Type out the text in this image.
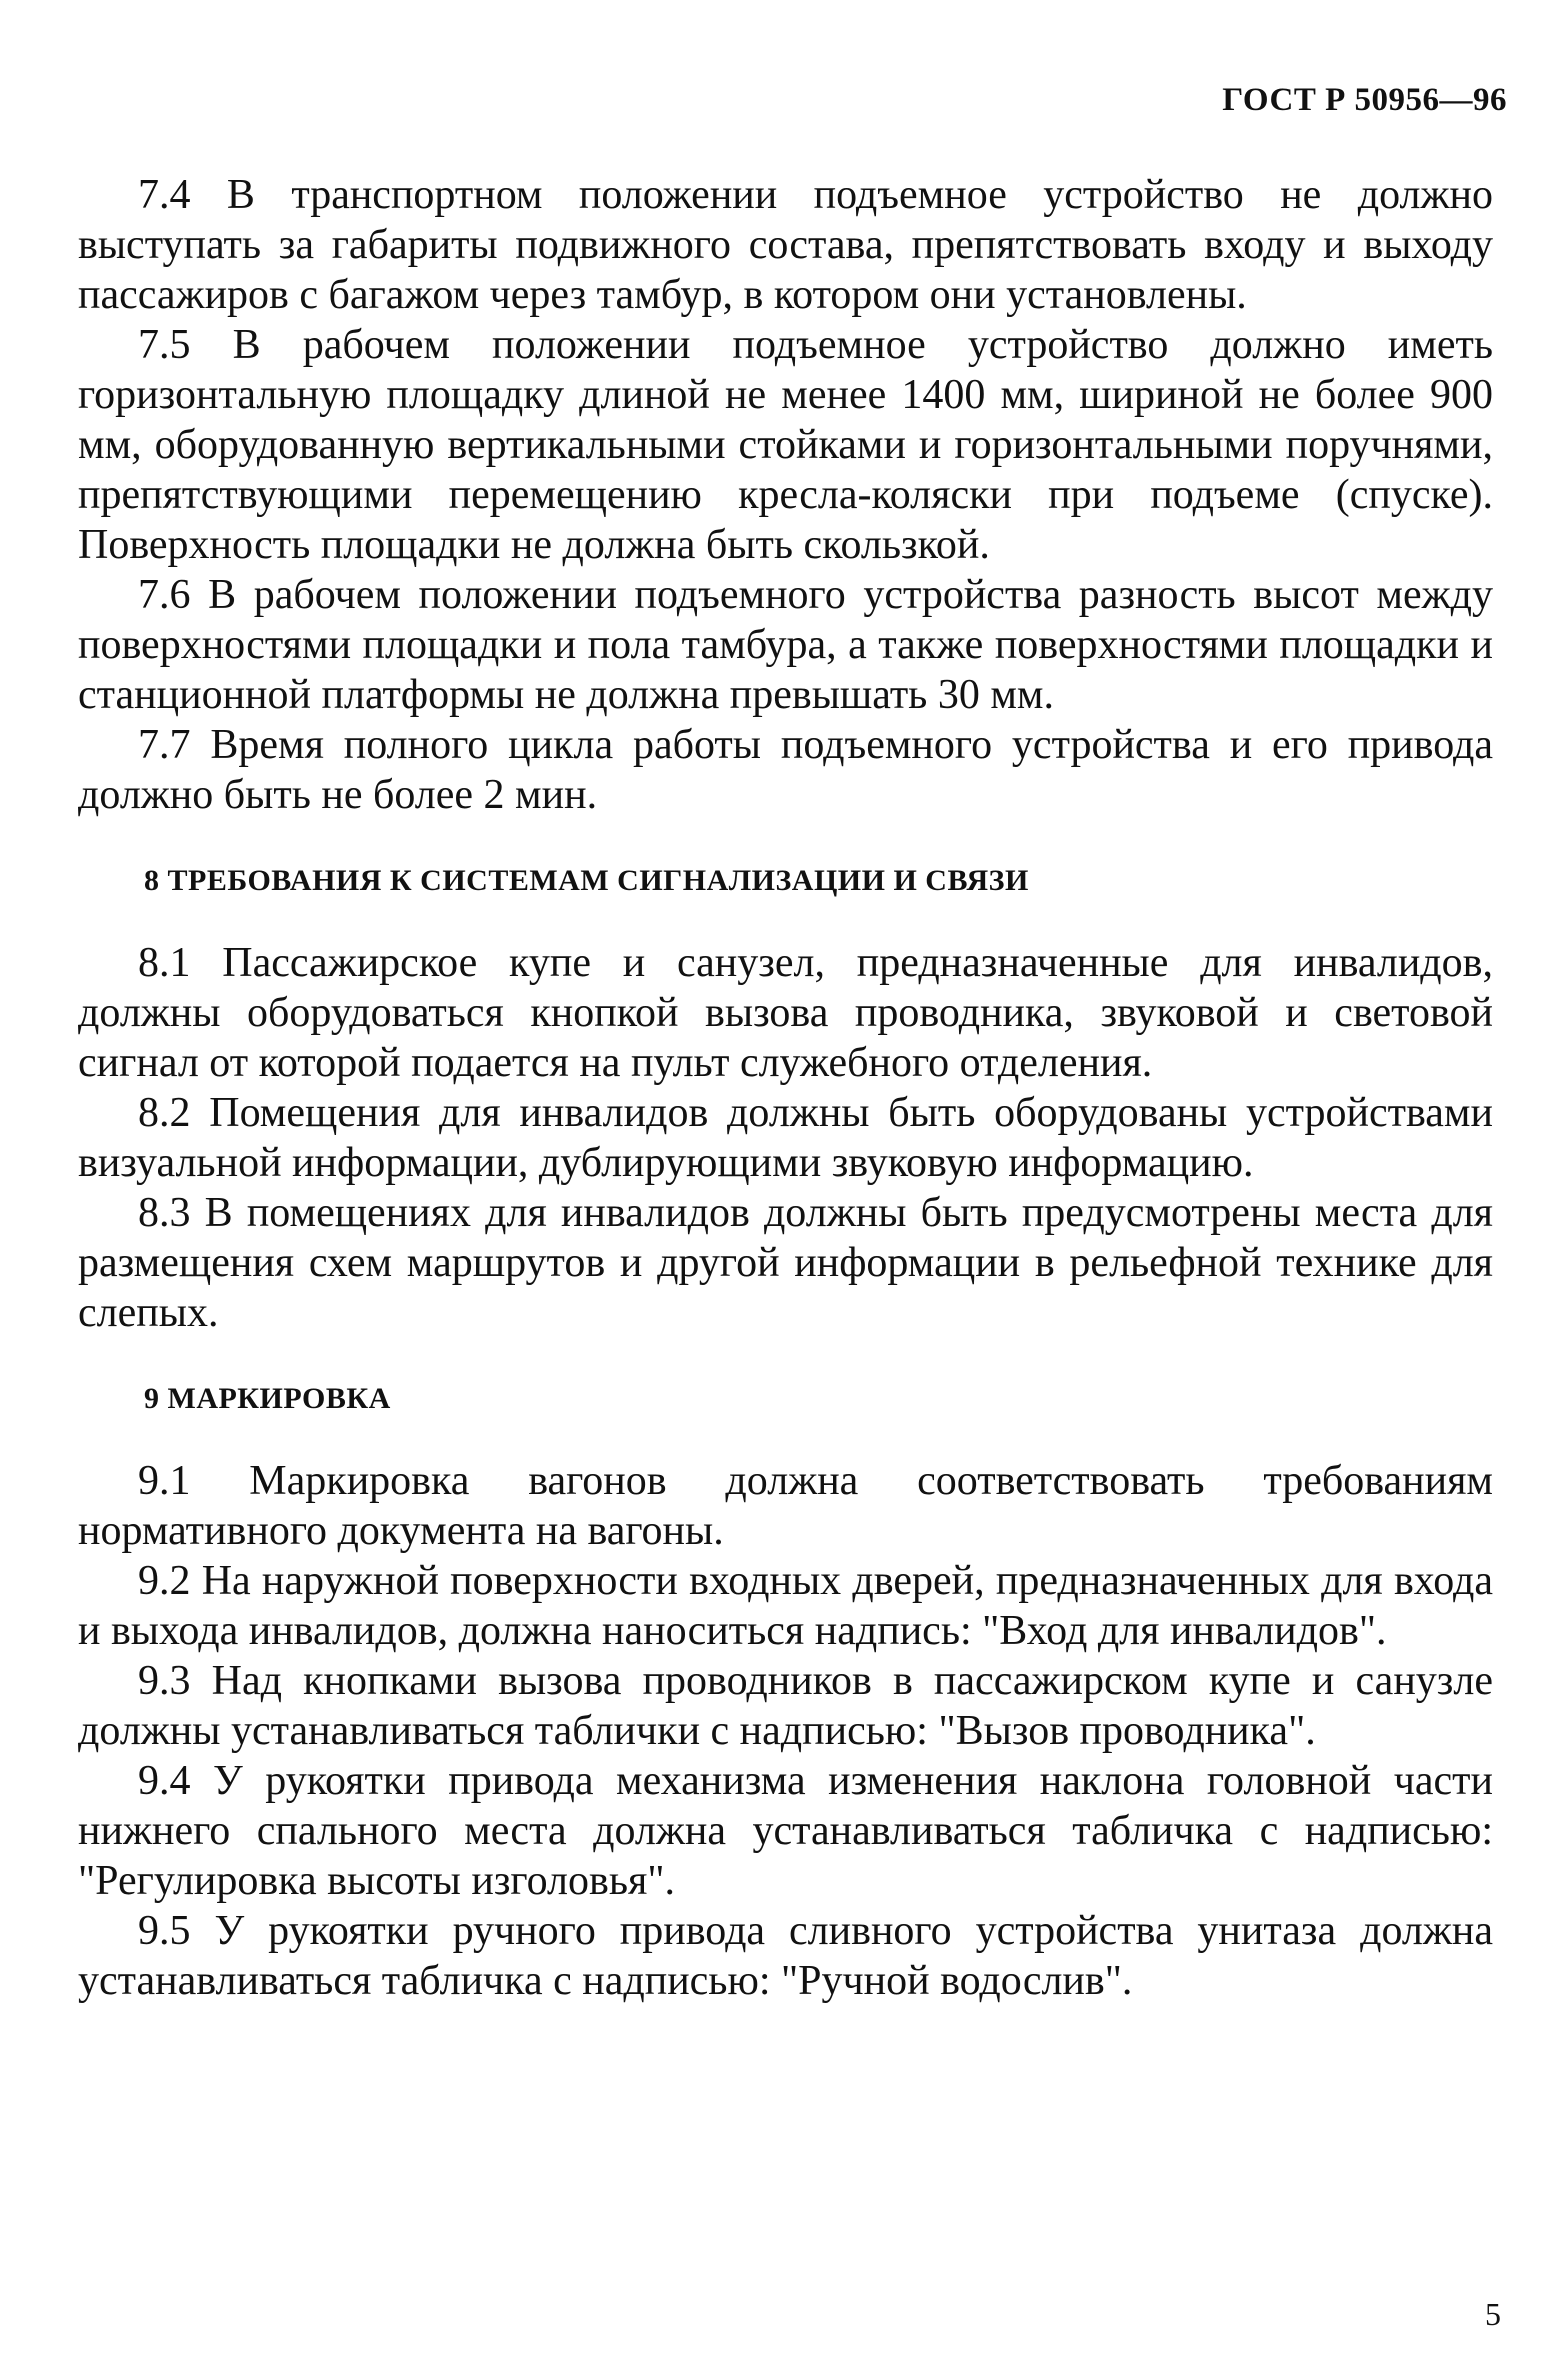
ГОСТ Р 50956—96

7.4 В транспортном положении подъемное устройство не должно выступать за габариты подвижного состава, препятствовать входу и выходу пассажиров с багажом через тамбур, в котором они установлены.

7.5 В рабочем положении подъемное устройство должно иметь горизонтальную площадку длиной не менее 1400 мм, шириной не более 900 мм, оборудованную вертикальными стойками и горизонтальными поручнями, препятствующими перемещению кресла-коляски при подъеме (спуске). Поверхность площадки не должна быть скользкой.

7.6 В рабочем положении подъемного устройства разность высот между поверхностями площадки и пола тамбура, а также поверхностями площадки и станционной платформы не должна превышать 30 мм.

7.7 Время полного цикла работы подъемного устройства и его привода должно быть не более 2 мин.

8 ТРЕБОВАНИЯ К СИСТЕМАМ СИГНАЛИЗАЦИИ И СВЯЗИ

8.1 Пассажирское купе и санузел, предназначенные для инвалидов, должны оборудоваться кнопкой вызова проводника, звуковой и световой сигнал от которой подается на пульт служебного отделения.

8.2 Помещения для инвалидов должны быть оборудованы устройствами визуальной информации, дублирующими звуковую информацию.

8.3 В помещениях для инвалидов должны быть предусмотрены места для размещения схем маршрутов и другой информации в рельефной технике для слепых.

9 МАРКИРОВКА

9.1 Маркировка вагонов должна соответствовать требованиям нормативного документа на вагоны.

9.2 На наружной поверхности входных дверей, предназначенных для входа и выхода инвалидов, должна наноситься надпись: "Вход для инвалидов".

9.3 Над кнопками вызова проводников в пассажирском купе и санузле должны устанавливаться таблички с надписью: "Вызов проводника".

9.4 У рукоятки привода механизма изменения наклона головной части нижнего спального места должна устанавливаться табличка с надписью: "Регулировка высоты изголовья".

9.5 У рукоятки ручного привода сливного устройства унитаза должна устанавливаться табличка с надписью: "Ручной водослив".

5
